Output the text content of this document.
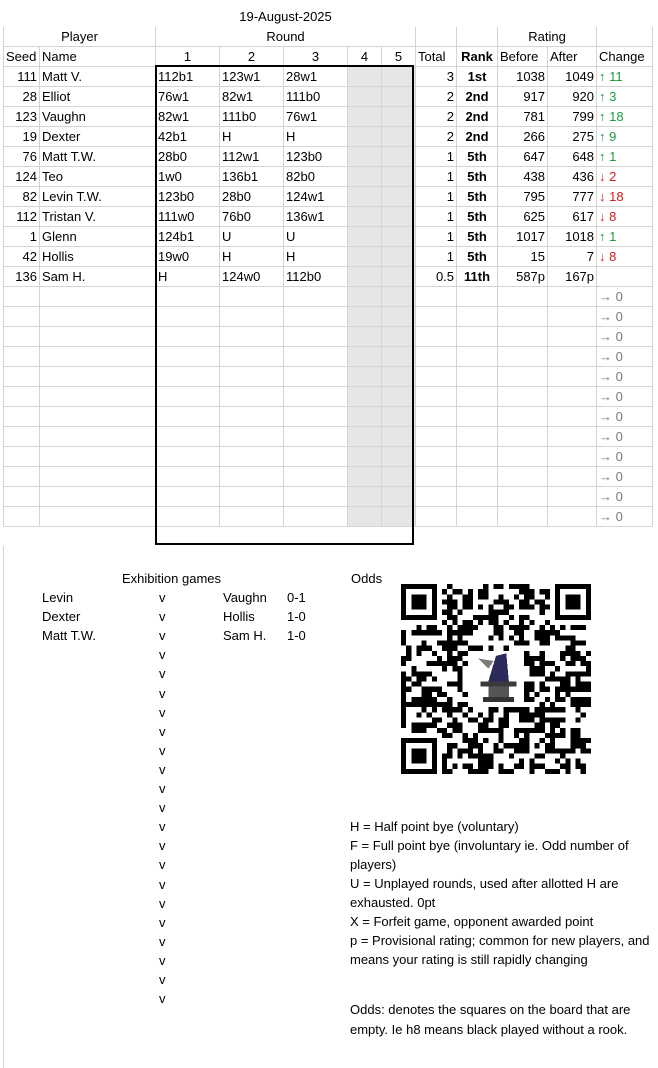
		19-August-2025									
Player		Round							Rating		
Seed	Name	1	2	3	4	5	Total	Rank	Before	After	Change
111	Matt V.	112b1	123w1	28w1			3	1st	1038	1049	↑ 11
28	Elliot	76w1	82w1	111b0			2	2nd	917	920	↑ 3
123	Vaughn	82w1	111b0	76w1			2	2nd	781	799	↑ 18
19	Dexter	42b1	H	H			2	2nd	266	275	↑ 9
76	Matt T.W.	28b0	112w1	123b0			1	5th	647	648	↑ 1
124	Teo	1w0	136b1	82b0			1	5th	438	436	↓ 2
82	Levin T.W.	123b0	28b0	124w1			1	5th	795	777	↓ 18
112	Tristan V.	111w0	76b0	136w1			1	5th	625	617	↓ 8
1	Glenn	124b1	U	U			1	5th	1017	1018	↑ 1
42	Hollis	19w0	H	H			1	5th	15	7	↓ 8
136	Sam H.	H	124w0	112b0			0.5	11th	587p	167p	
											→ 0
											→ 0
											→ 0
											→ 0
											→ 0
											→ 0
											→ 0
											→ 0
											→ 0
											→ 0
											→ 0
											→ 0
Exhibition games
Levin	v	Vaughn 0-1
Dexter	v	Hollis 1-0
Matt T.W.	v	Sam H. 1-0
v
v
v
v
v
v
v
v
v
v
v
v
v
v
v
v
v
v
v
Odds

H = Half point bye (voluntary)

F = Full point bye (involuntary ie. Odd number of players)

U = Unplayed rounds, used after allotted H are exhausted. 0pt

X = Forfeit game, opponent awarded point

p = Provisional rating; common for new players, and means your rating is still rapidly changing

Odds: denotes the squares on the board that are empty. Ie h8 means black played without a rook.
